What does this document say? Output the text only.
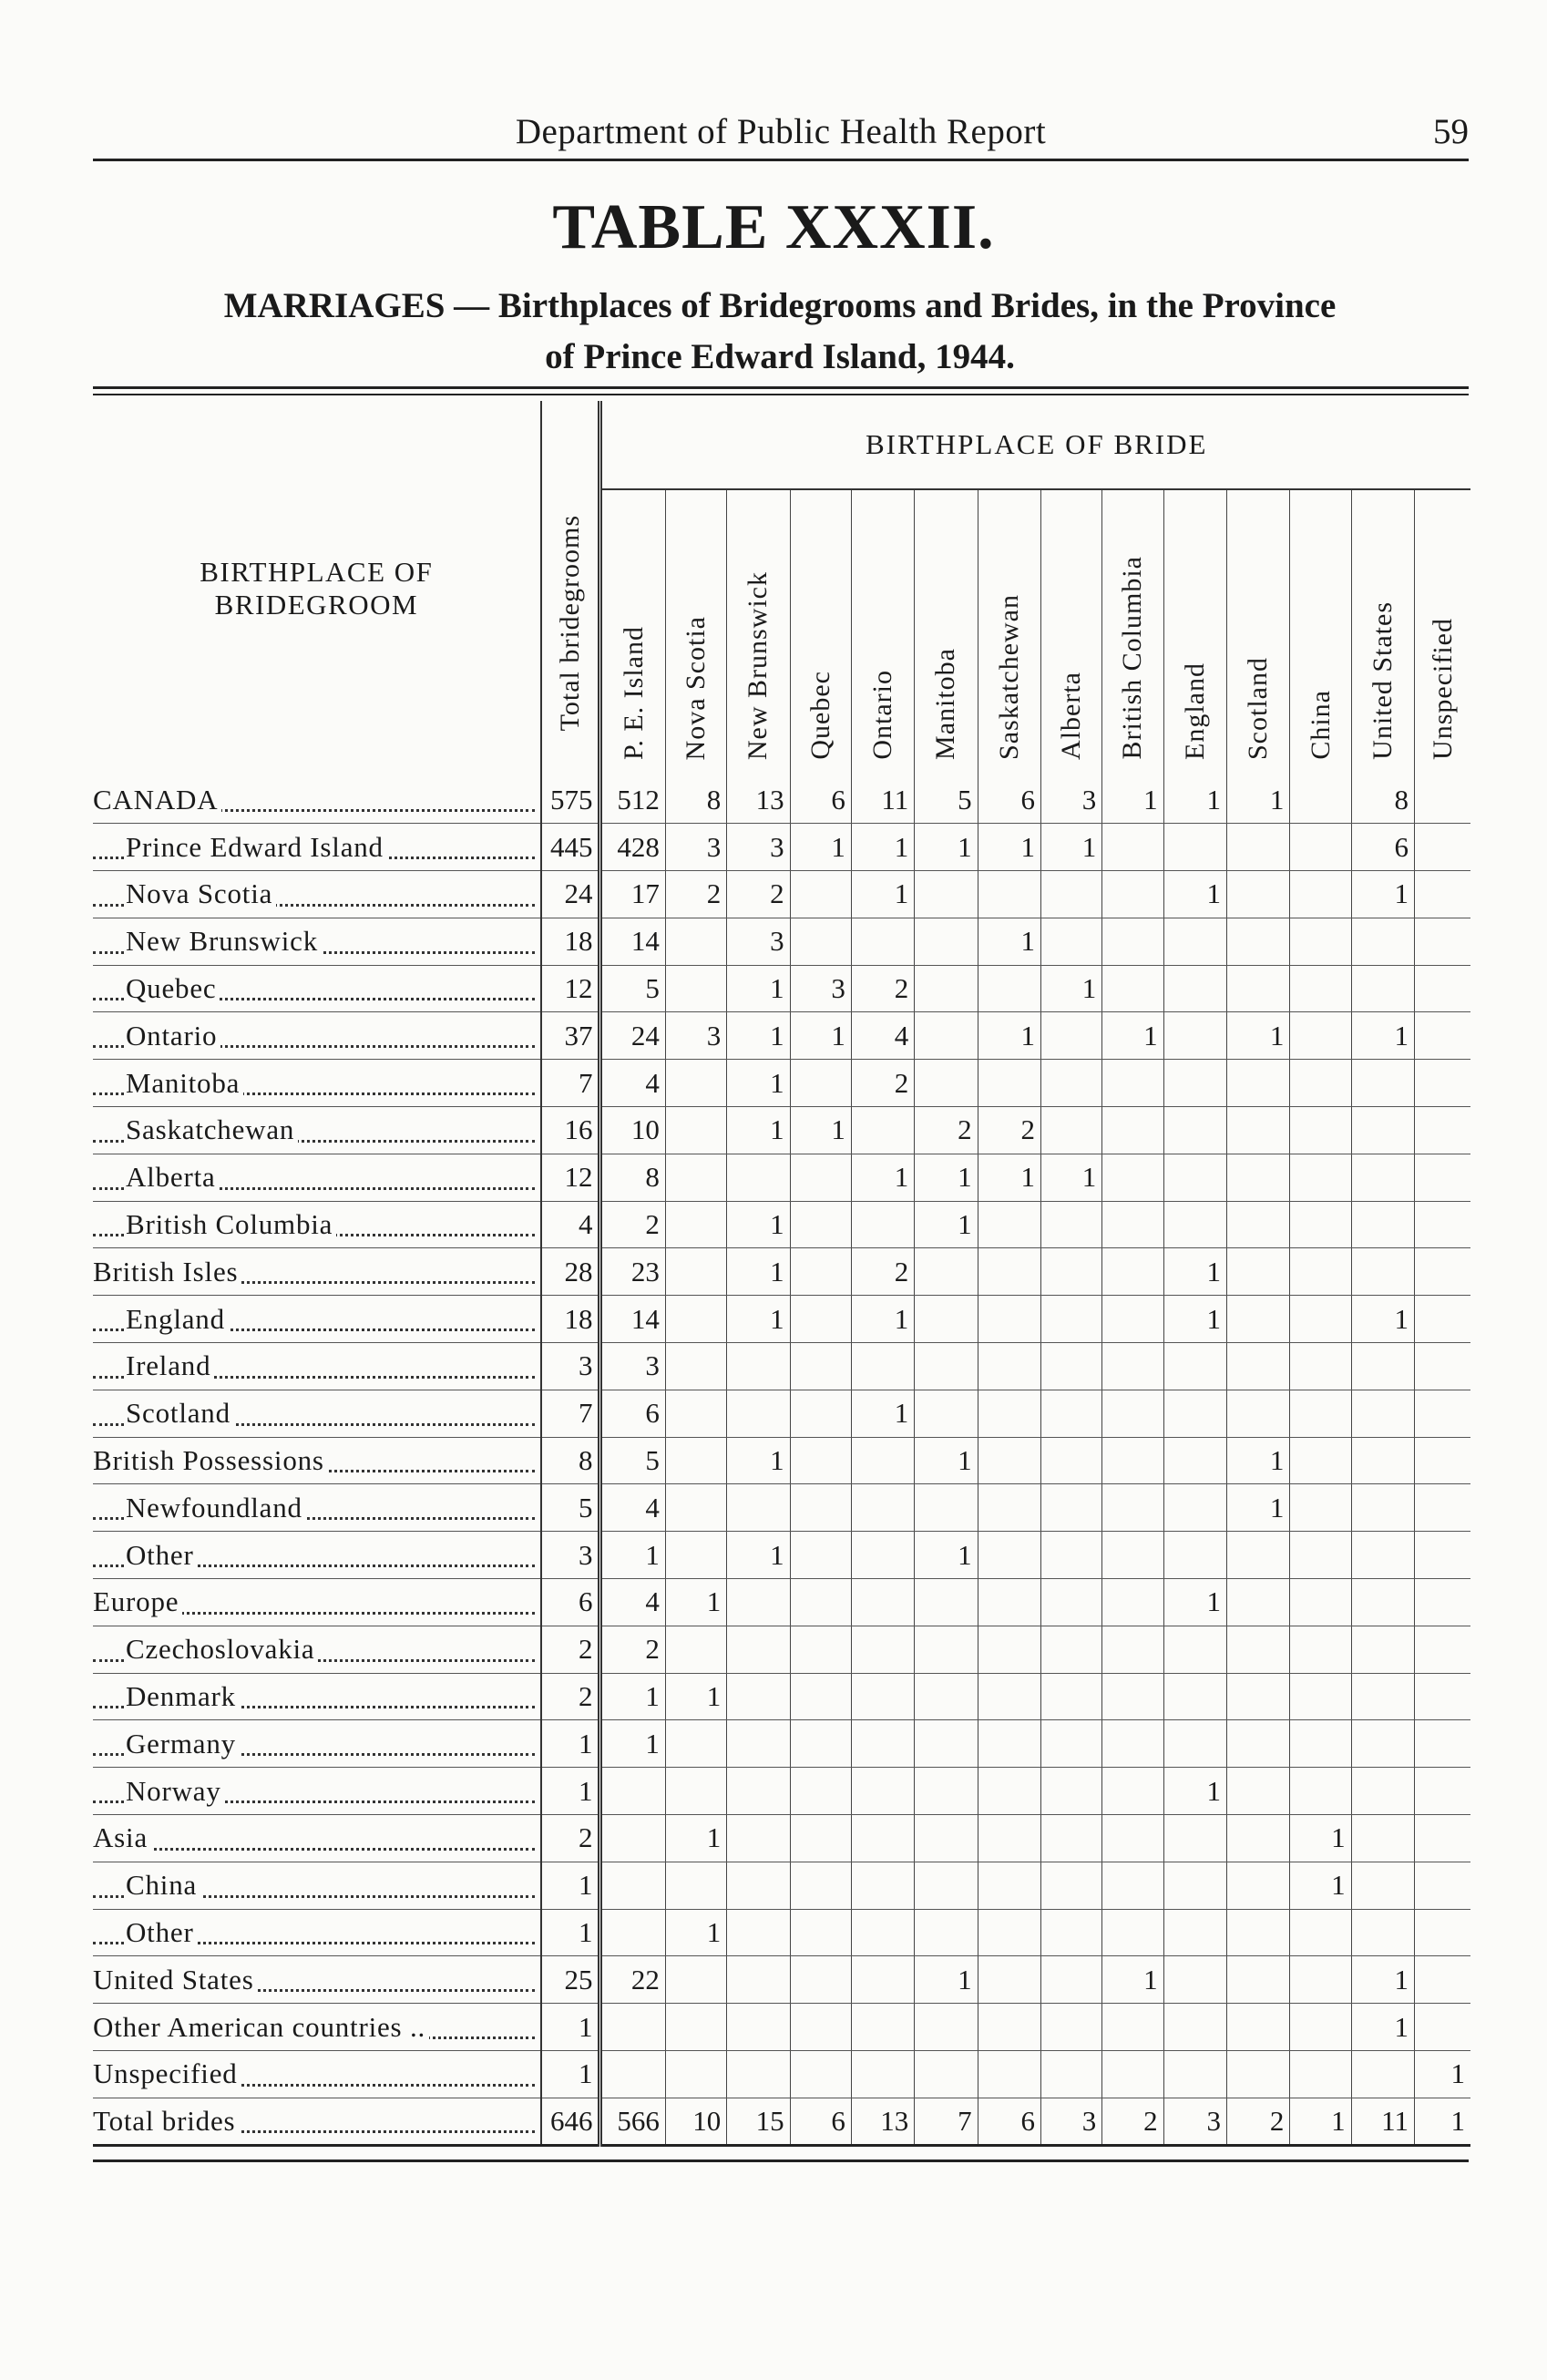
Department of Public Health Report	59
TABLE XXXII.
MARRIAGES — Birthplaces of Bridegrooms and Brides, in the Province
of Prince Edward Island, 1944.
BIRTHPLACE OF
BRIDEGROOM	Total bridegrooms	BIRTHPLACE OF BRIDE													

		P. E. Island	Nova Scotia	New Brunswick	Quebec	Ontario	Manitoba	Saskatchewan	Alberta	British Columbia	England	Scotland	China	United States	Unspecified

CANADA	575	512	8	13	6	11	5	6	3	1	1	1		8	

Prince Edward Island	445	428	3	3	1	1	1	1	1					6	

Nova Scotia	24	17	2	2		1					1			1	

New Brunswick	18	14		3				1							

Quebec	12	5		1	3	2			1						

Ontario	37	24	3	1	1	4		1		1		1		1	

Manitoba	7	4		1		2									

Saskatchewan	16	10		1	1		2	2							

Alberta	12	8				1	1	1	1						

British Columbia	4	2		1			1								

British Isles	28	23		1		2					1				

England	18	14		1		1					1			1	

Ireland	3	3													

Scotland	7	6				1									

British Possessions	8	5		1			1					1			

Newfoundland	5	4										1			

Other	3	1		1			1								

Europe	6	4	1								1				

Czechoslovakia	2	2													

Denmark	2	1	1												

Germany	1	1													

Norway	1										1				

Asia	2		1										1		

China	1												1		

Other	1		1												

United States	25	22					1			1				1	

Other American countries ..	1													1	

Unspecified	1														1

Total brides	646	566	10	15	6	13	7	6	3	2	3	2	1	11	1
